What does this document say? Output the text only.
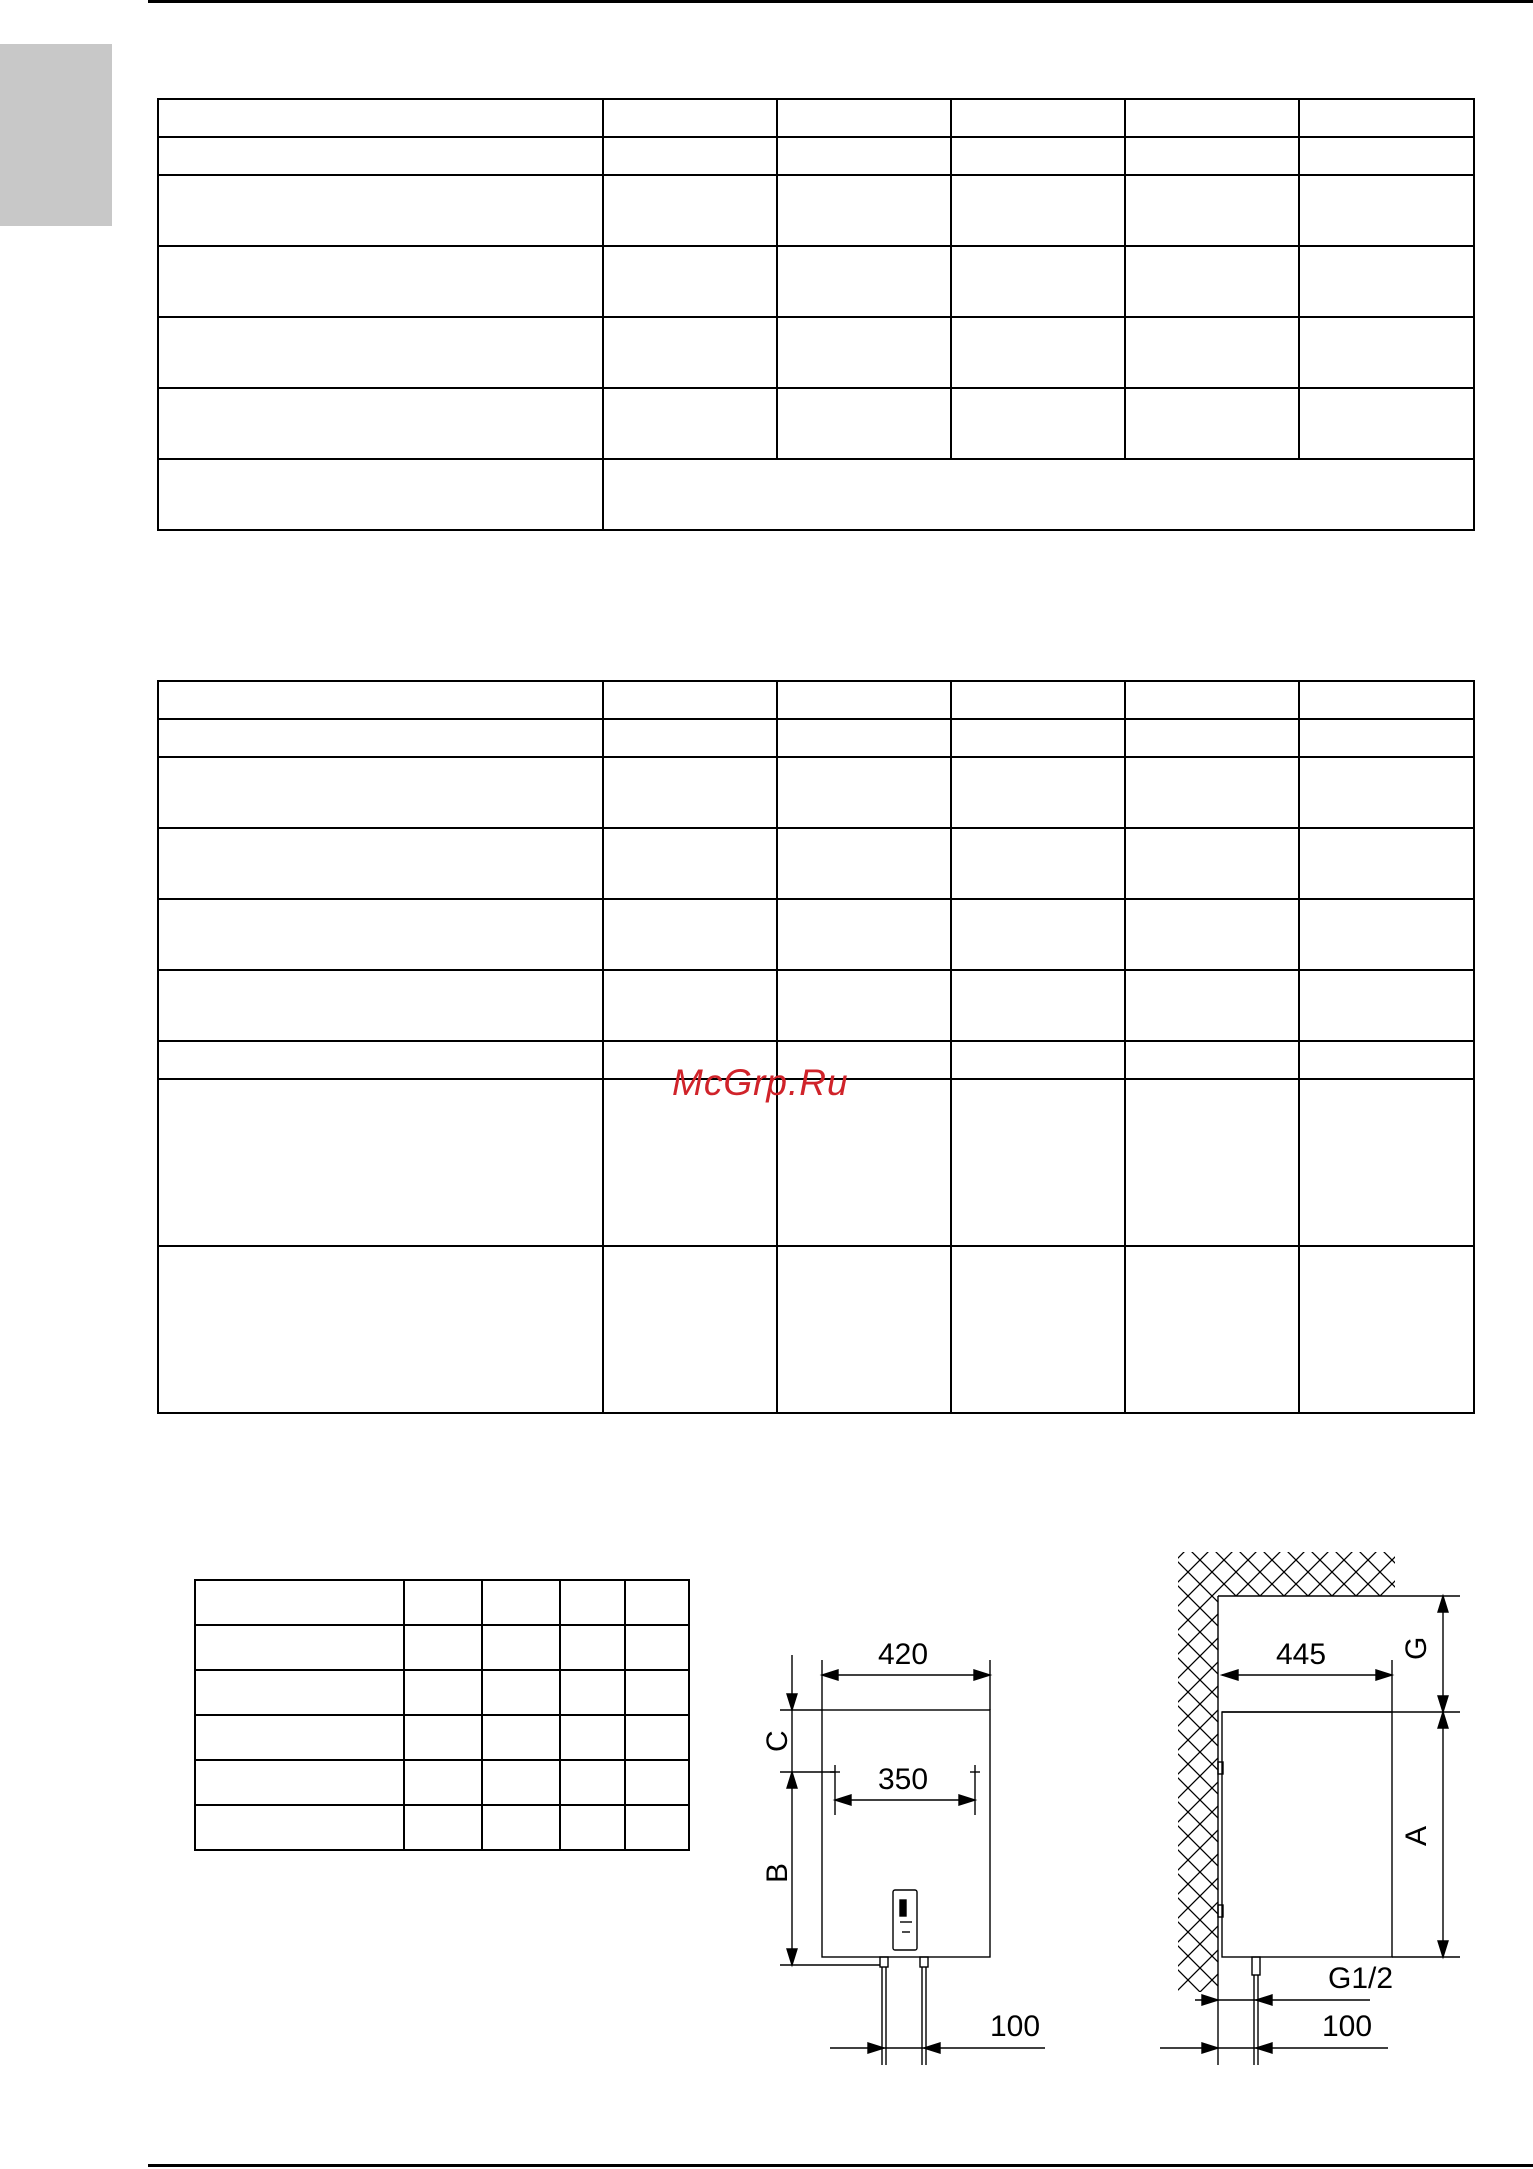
McGrp.Ru
420
350
C
B
100
445 G
A
G1/2
100
